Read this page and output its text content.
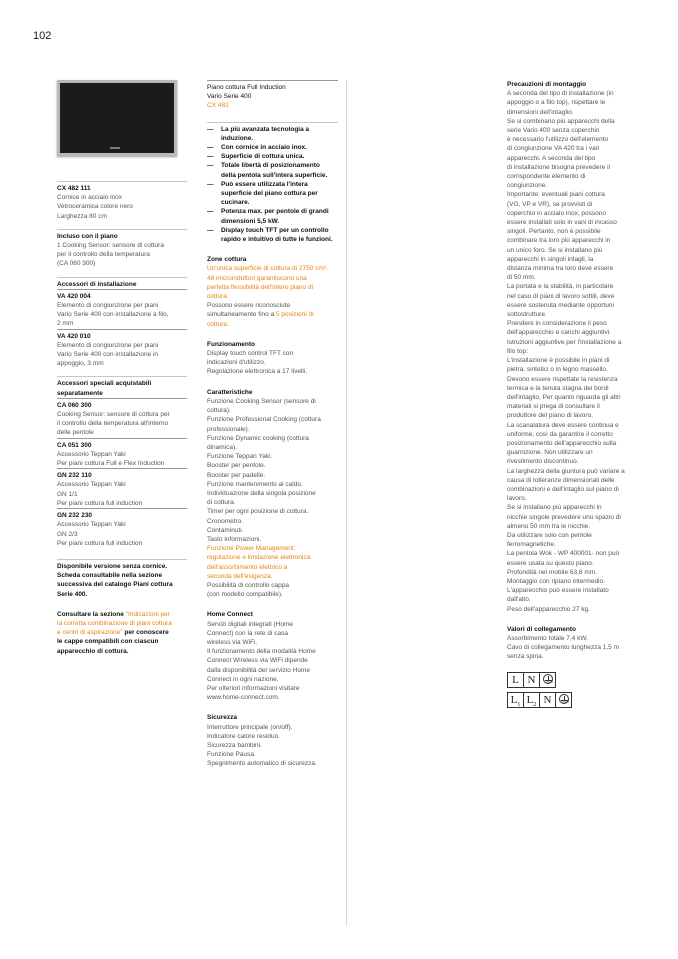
102

CX 482 111

Cornice in acciaio inox
Vetroceramica colore nero
Larghezza 80 cm

Incluso con il piano

1 Cooking Sensor: sensore di cottura
per il controllo della temperatura
(CA 060 300)

Accessori di installazione

VA 420 004

Elemento di congiunzione per piani
Vario Serie 400 con installazione a filo,
2 mm

VA 420 010

Elemento di congiunzione per piani
Vario Serie 400 con installazione in
appoggio, 3 mm

Accessori speciali acquistabili
separatamente

CA 060 300

Cooking Sensor: sensore di cottura per
il controllo della temperatura all'interno
delle pentole

CA 051 300

Accessorio Teppan Yaki
Per piani cottura Full e Flex Induction

GN 232 110

Accessorio Teppan Yaki
GN 1/1
Per piani cottura full induction

GN 232 230

Accessorio Teppan Yaki
GN 2/3
Per piani cottura full induction

Disponibile versione senza cornice.
Scheda consultabile nella sezione
successiva del catalogo Piani cottura
Serie 400.

Consultare la sezione "Indicazioni per
la corretta combinazione di piani cottura
e centri di aspirazione" per conoscere
le cappe compatibili con ciascun
apparecchio di cottura.

Piano cottura Full Induction

Vario Serie 400

CX 482

— La più avanzata tecnologia a
induzione.
— Con cornice in acciaio inox.
— Superficie di cottura unica.
— Totale libertà di posizionamento
della pentola sull'intera superficie.
— Può essere utilizzata l'intera
superficie del piano cottura per
cucinare.
— Potenza max. per pentole di grandi
dimensioni 5,5 kW.
— Display touch TFT per un controllo
rapido e intuitivo di tutte le funzioni.

Zone cottura

Un'unica superficie di cottura di 2750 cm².
48 microinduttori garantiscono una
perfetta flessibilità dell'intero piano di
cottura.

Possono essere riconosciute
simultaneamente fino a 5 posizioni di
cottura.

Funzionamento

Display touch control TFT con
indicazioni d'utilizzo.
Regolazione elettronica a 17 livelli.

Caratteristiche

Funzione Cooking Sensor (sensore di
cottura).
Funzione Professional Cooking (cottura
professionale).
Funzione Dynamic cooking (cottura
dinamica).
Funzione Teppan Yaki.
Booster per pentole.
Booster per padelle.
Funzione mantenimento al caldo.
Individuazione della singola posizione
di cottura.
Timer per ogni posizione di cottura.
Cronometro.
Contaminuti.
Tasto informazioni.

Funzione Power Management:
regolazione e limitazione elettronica
dell'assorbimento elettrico a
seconda dell'esigenza.

Possibilità di controllo cappa
(con modello compatibile).

Home Connect

Servizi digitali integrati (Home
Connect) con la rete di casa
wireless via WiFi.
Il funzionamento della modalità Home
Connect Wireless via WiFi dipende
dalla disponibilità del servizio Home
Connect in ogni nazione.
Per ulteriori informazioni visitare
www.home-connect.com.

Sicurezza

Interruttore principale (on/off).
Indicatore calore residuo.
Sicurezza bambini.
Funzione Pausa.
Spegnimento automatico di sicurezza.

Precauzioni di montaggio

A seconda del tipo di installazione (in
appoggio o a filo top), rispettare le
dimensioni dell'intaglio.
Se si combinano più apparecchi della
serie Vario 400 senza coperchio
è necessario l'utilizzo dell'elemento
di congiunzione VA 420 tra i vari
apparecchi. A seconda del tipo
di installazione bisogna prevedere il
corrispondente elemento di
congiunzione.
Importante: eventuali piani cottura
(VG, VP e VR), se provvisti di
coperchio in acciaio inox, possono
essere installati solo in vani di incasso
singoli. Pertanto, non è possibile
combinare tra loro più apparecchi in
un unico foro. Se si installano più
apparecchi in singoli intagli, la
distanza minima tra loro deve essere
di 50 mm.
La portata e la stabilità, in particolare
nel caso di piani di lavoro sottili, deve
essere sostenuta mediante opportuni
sottostrutture.
Prendere in considerazione il peso
dell'apparecchio e carichi aggiuntivi.
Istruzioni aggiuntive per l'installazione a
filo top:
L'installazione è possibile in piani di
pietra, sintetici o in legno massello.
Devono essere rispettate la resistenza
termica e la tenuta stagna dei bordi
dell'intaglio. Per quanto riguarda gli altri
materiali si prega di consultare il
produttore del piano di lavoro.
La scanalatura deve essere continua e
uniforme, così da garantire il corretto
posizionamento dell'apparecchio sulla
guarnizione. Non utilizzare un
rivestimento discontinuo.
La larghezza della giuntura può variare a
causa di tolleranze dimensionali delle
combinazioni e dell'intaglio sul piano di
lavoro.
Se si installano più apparecchi in
nicchie singole prevedere uno spazio di
almeno 50 mm tra le nicchie.
Da utilizzare solo con pentole
ferromagnetiche.
La pentola Wok - WP 400001- non può
essere usata su questo piano.
Profondità nel mobile 63,6 mm.
Montaggio con ripiano intermedio.
L'apparecchio può essere installato
dall'alto.
Peso dell'apparecchio 27 kg.

Valori di collegamento

Assorbimento totale 7,4 kW.
Cavo di collegamento lunghezza 1,5 m
senza spina.

L N
$L_1$ $L_2$ N
